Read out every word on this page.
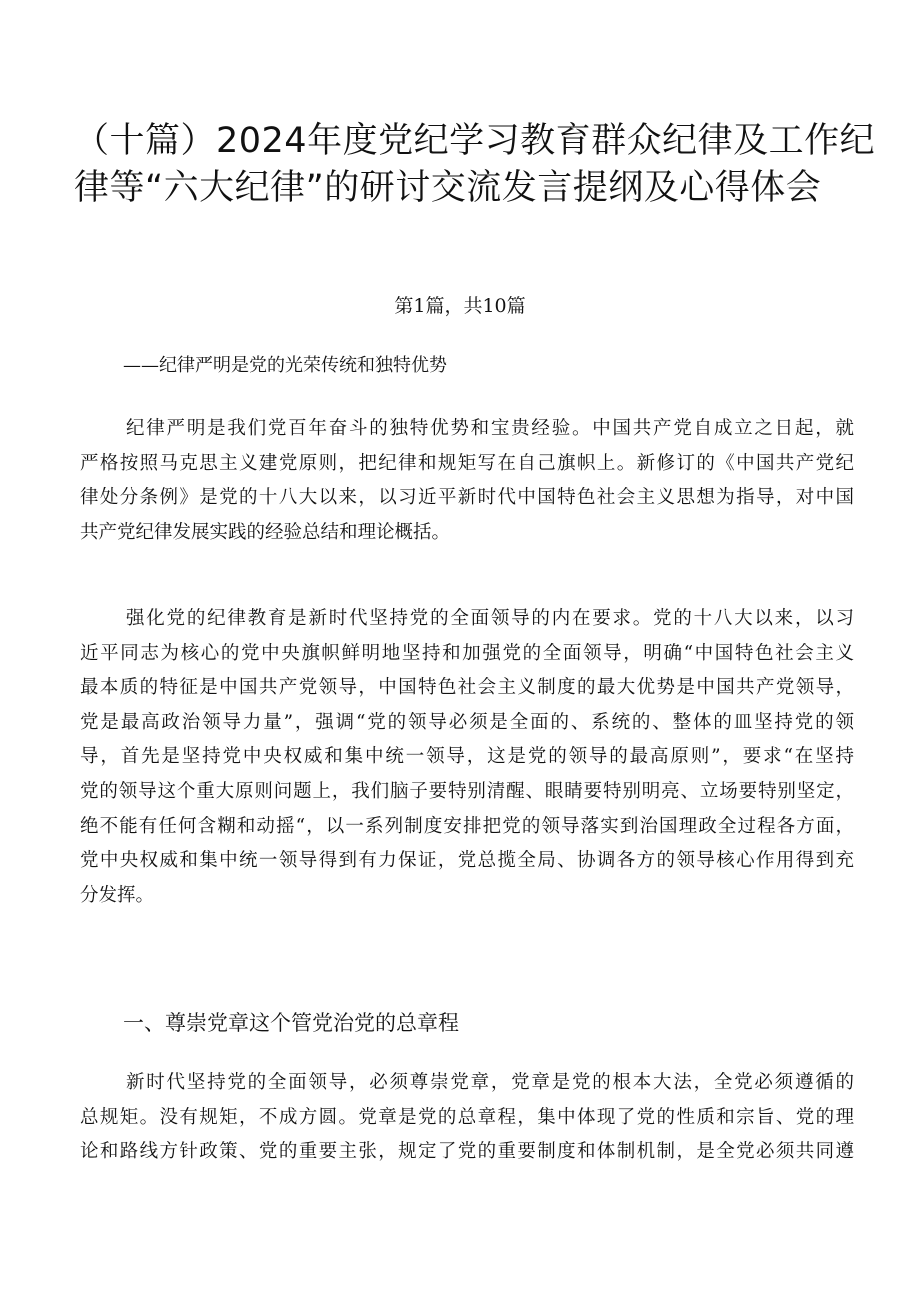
（十篇）2024年度党纪学习教育群众纪律及工作纪
律等“六大纪律”的研讨交流发言提纲及心得体会

第1篇，共10篇

——纪律严明是党的光荣传统和独特优势

纪律严明是我们党百年奋斗的独特优势和宝贵经验。中国共产党自成立之日起，就
严格按照马克思主义建党原则，把纪律和规矩写在自己旗帜上。新修订的《中国共产党纪
律处分条例》是党的十八大以来，以习近平新时代中国特色社会主义思想为指导，对中国
共产党纪律发展实践的经验总结和理论概括。
强化党的纪律教育是新时代坚持党的全面领导的内在要求。党的十八大以来，以习
近平同志为核心的党中央旗帜鲜明地坚持和加强党的全面领导，明确“中国特色社会主义
最本质的特征是中国共产党领导，中国特色社会主义制度的最大优势是中国共产党领导，
党是最高政治领导力量”，强调“党的领导必须是全面的、系统的、整体的皿坚持党的领
导，首先是坚持党中央权威和集中统一领导，这是党的领导的最高原则”，要求“在坚持
党的领导这个重大原则问题上，我们脑子要特别清醒、眼睛要特别明亮、立场要特别坚定，
绝不能有任何含糊和动摇“，以一系列制度安排把党的领导落实到治国理政全过程各方面，
党中央权威和集中统一领导得到有力保证，党总揽全局、协调各方的领导核心作用得到充
分发挥。
一、尊崇党章这个管党治党的总章程
新时代坚持党的全面领导，必须尊崇党章，党章是党的根本大法，全党必须遵循的
总规矩。没有规矩，不成方圆。党章是党的总章程，集中体现了党的性质和宗旨、党的理
论和路线方针政策、党的重要主张，规定了党的重要制度和体制机制，是全党必须共同遵
